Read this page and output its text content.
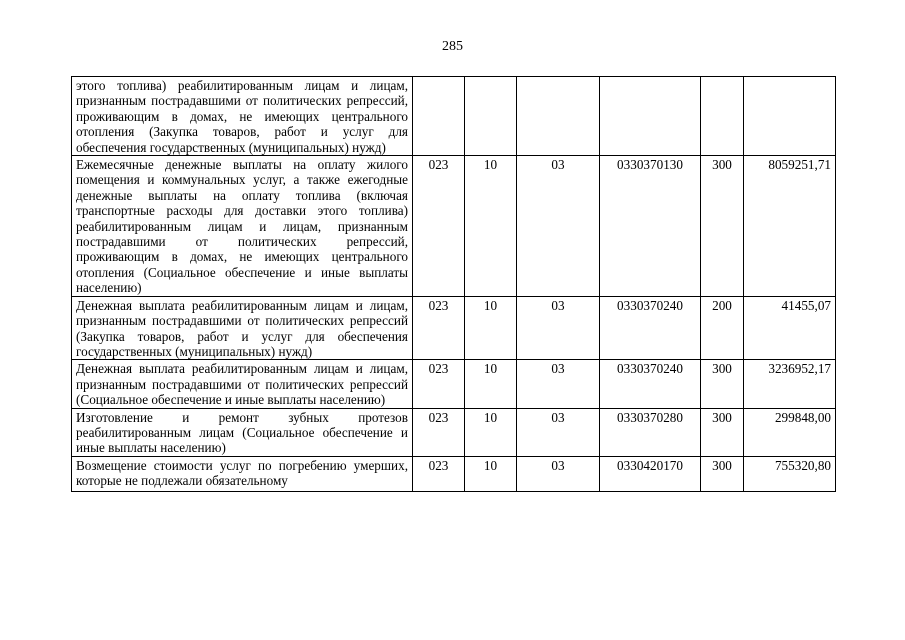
285
этого топлива) реабилитированным лицам и лицам, признанным пострадавшими от политических репрессий, проживающим в домах, не имеющих центрального отопления (Закупка товаров, работ и услуг для обеспечения государственных (муниципальных) нужд)						
Ежемесячные денежные выплаты на оплату жилого помещения и коммунальных услуг, а также ежегодные денежные выплаты на оплату топлива (включая транспортные расходы для доставки этого топлива) реабилитированным лицам и лицам, признанным пострадавшими от политических репрессий, проживающим в домах, не имеющих центрального отопления (Социальное обеспечение и иные выплаты населению)	023	10	03	0330370130	300	8059251,71
Денежная выплата реабилитированным лицам и лицам, признанным пострадавшими от политических репрессий (Закупка товаров, работ и услуг для обеспечения государственных (муниципальных) нужд)	023	10	03	0330370240	200	41455,07
Денежная выплата реабилитированным лицам и лицам, признанным пострадавшими от политических репрессий (Социальное обеспечение и иные выплаты населению)	023	10	03	0330370240	300	3236952,17
Изготовление и ремонт зубных протезов реабилитированным лицам (Социальное обеспечение и иные выплаты населению)	023	10	03	0330370280	300	299848,00
Возмещение стоимости услуг по погребению умерших, которые не подлежали обязательному	023	10	03	0330420170	300	755320,80
